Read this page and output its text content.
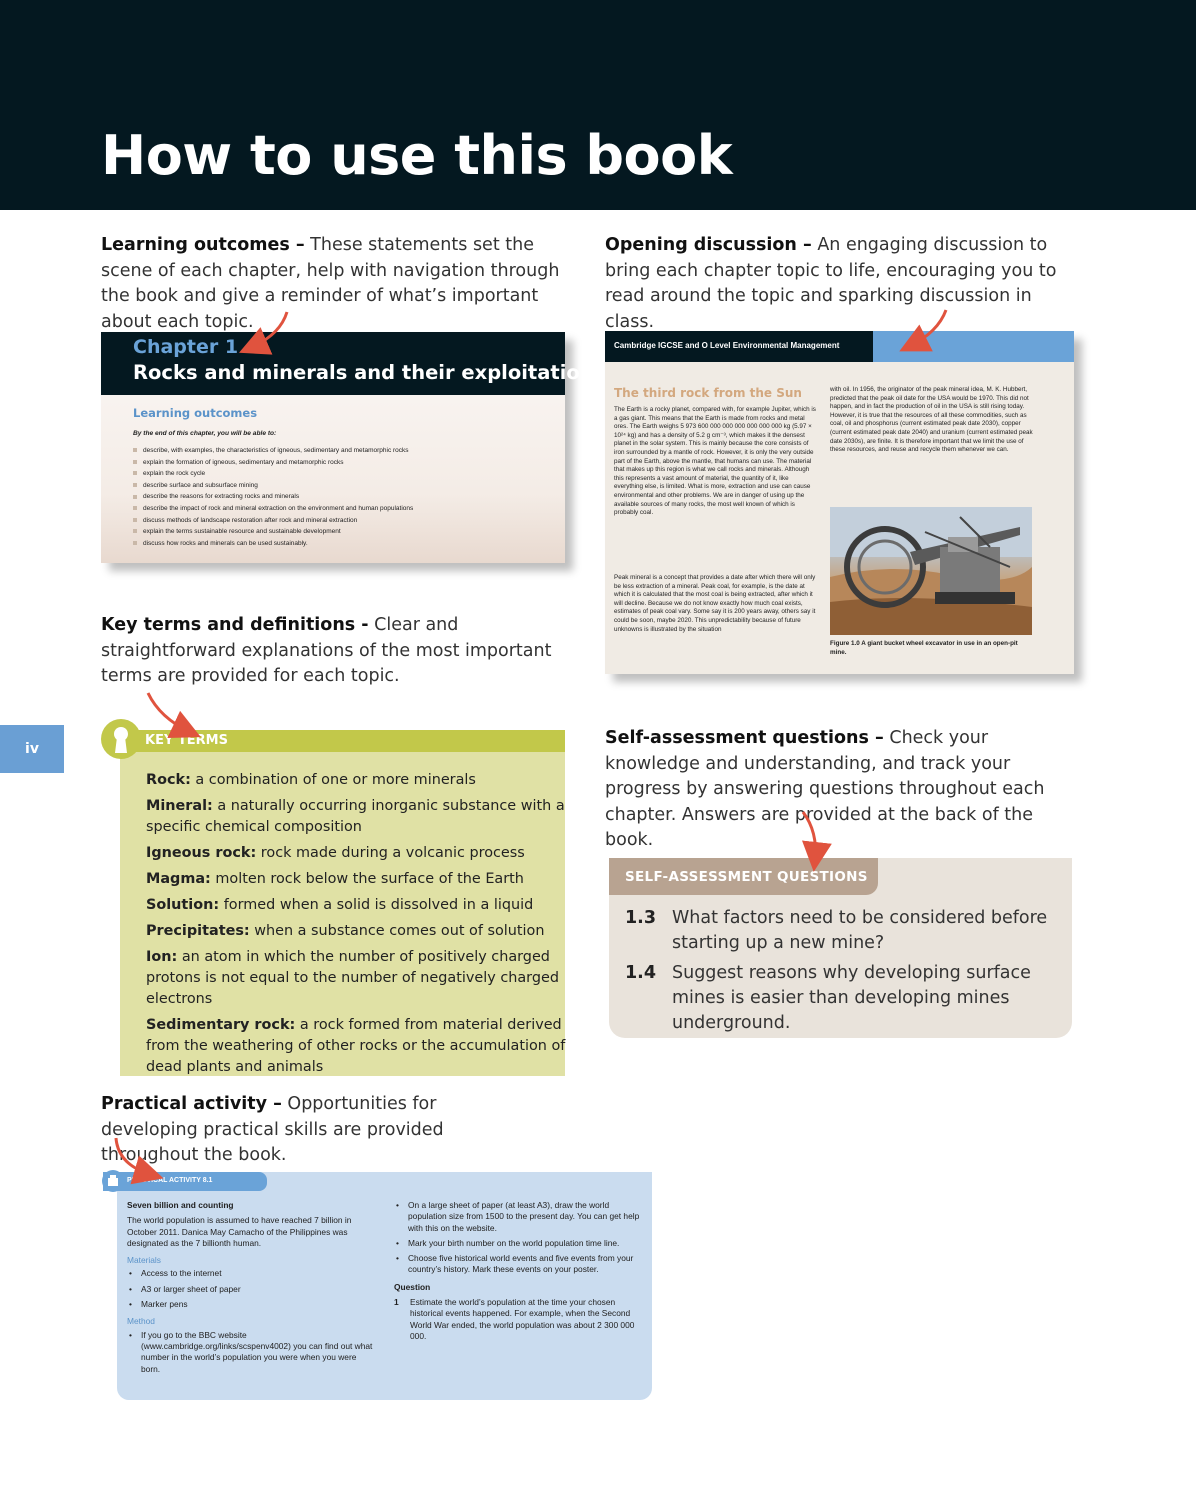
How to use this book
iv
Learning outcomes – These statements set the scene of each chapter, help with navigation through the book and give a reminder of what’s important about each topic.
Opening discussion – An engaging discussion to bring each chapter topic to life, encouraging you to read around the topic and sparking discussion in class.
Chapter 1
Rocks and minerals and their exploitation
Learning outcomes
By the end of this chapter, you will be able to:
describe, with examples, the characteristics of igneous, sedimentary and metamorphic rocks
explain the formation of igneous, sedimentary and metamorphic rocks
explain the rock cycle
describe surface and subsurface mining
describe the reasons for extracting rocks and minerals
describe the impact of rock and mineral extraction on the environment and human populations
discuss methods of landscape restoration after rock and mineral extraction
explain the terms sustainable resource and sustainable development
discuss how rocks and minerals can be used sustainably.
Cambridge IGCSE and O Level Environmental Management
The third rock from the Sun
The Earth is a rocky planet, compared with, for example Jupiter, which is a gas giant. This means that the Earth is made from rocks and metal ores. The Earth weighs 5 973 600 000 000 000 000 000 000 kg (5.97 × 10²⁴ kg) and has a density of 5.2 g cm⁻³, which makes it the densest planet in the solar system. This is mainly because the core consists of iron surrounded by a mantle of rock. However, it is only the very outside part of the Earth, above the mantle, that humans can use. The material that makes up this region is what we call rocks and minerals. Although this represents a vast amount of material, the quantity of it, like everything else, is limited. What is more, extraction and use can cause environmental and other problems. We are in danger of using up the available sources of many rocks, the most well known of which is probably coal.
Peak mineral is a concept that provides a date after which there will only be less extraction of a mineral. Peak coal, for example, is the date at which it is calculated that the most coal is being extracted, after which it will decline. Because we do not know exactly how much coal exists, estimates of peak coal vary. Some say it is 200 years away, others say it could be soon, maybe 2020. This unpredictability because of future unknowns is illustrated by the situation
with oil. In 1956, the originator of the peak mineral idea, M. K. Hubbert, predicted that the peak oil date for the USA would be 1970. This did not happen, and in fact the production of oil in the USA is still rising today. However, it is true that the resources of all these commodities, such as coal, oil and phosphorus (current estimated peak date 2030), copper (current estimated peak date 2040) and uranium (current estimated peak date 2030s), are finite. It is therefore important that we limit the use of these resources, and reuse and recycle them whenever we can.
Figure 1.0 A giant bucket wheel excavator in use in an open-pit mine.
Key terms and definitions - Clear and straightforward explanations of the most important terms are provided for each topic.
KEY TERMS

Rock: a combination of one or more minerals

Mineral: a naturally occurring inorganic substance with a specific chemical composition

Igneous rock: rock made during a volcanic process

Magma: molten rock below the surface of the Earth

Solution: formed when a solid is dissolved in a liquid

Precipitates: when a substance comes out of solution

Ion: an atom in which the number of positively charged protons is not equal to the number of negatively charged electrons

Sedimentary rock: a rock formed from material derived from the weathering of other rocks or the accumulation of dead plants and animals

Self-assessment questions – Check your knowledge and understanding, and track your progress by answering questions throughout each chapter. Answers are provided at the back of the book.
SELF-ASSESSMENT QUESTIONS
1.3 What factors need to be considered before starting up a new mine?
1.4 Suggest reasons why developing surface mines is easier than developing mines underground.
Practical activity – Opportunities for developing practical skills are provided throughout the book.
PRACTICAL ACTIVITY 8.1
Seven billion and counting
The world population is assumed to have reached 7 billion in October 2011. Danica May Camacho of the Philippines was designated as the 7 billionth human.
Materials
• Access to the internet
• A3 or larger sheet of paper
• Marker pens
Method
• If you go to the BBC website (www.cambridge.org/links/scspenv4002) you can find out what number in the world’s population you were when you were born.
• On a large sheet of paper (at least A3), draw the world population size from 1500 to the present day. You can get help with this on the website.
• Mark your birth number on the world population time line.
• Choose five historical world events and five events from your country’s history. Mark these events on your poster.
Question
1 Estimate the world’s population at the time your chosen historical events happened. For example, when the Second World War ended, the world population was about 2 300 000 000.
